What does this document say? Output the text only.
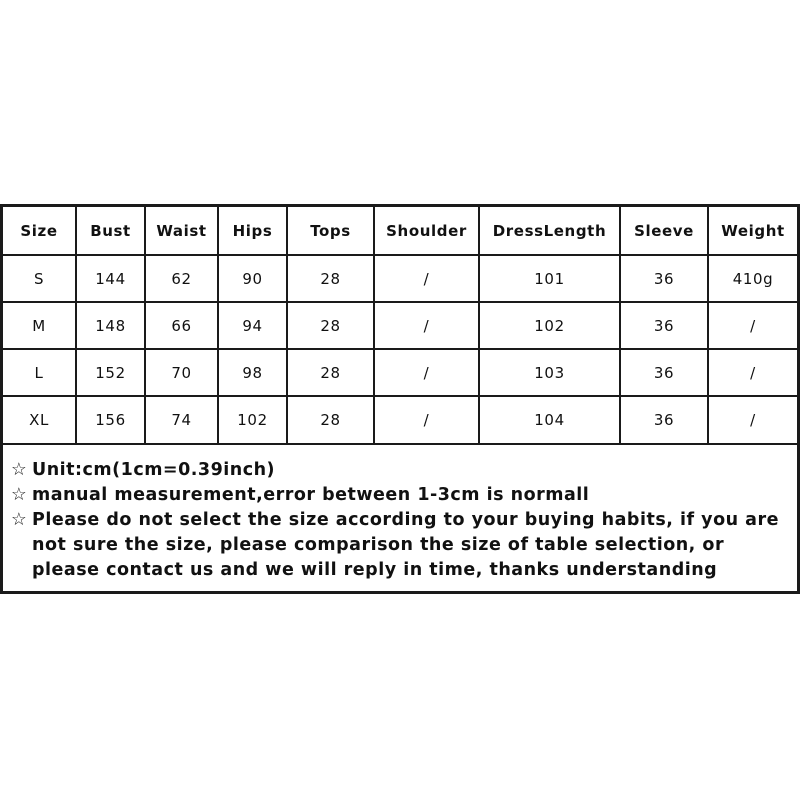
Size	Bust	Waist	Hips	Tops	Shoulder	DressLength	Sleeve	Weight
S	144	62	90	28	/	101	36	410g
M	148	66	94	28	/	102	36	/
L	152	70	98	28	/	103	36	/
XL	156	74	102	28	/	104	36	/
☆ Unit:cm(1cm=0.39inch)
☆ manual measurement,error between 1-3cm is normall
☆ Please do not select the size according to your buying habits, if you are not sure the size, please comparison the size of table selection, or please contact us and we will reply in time, thanks understanding
